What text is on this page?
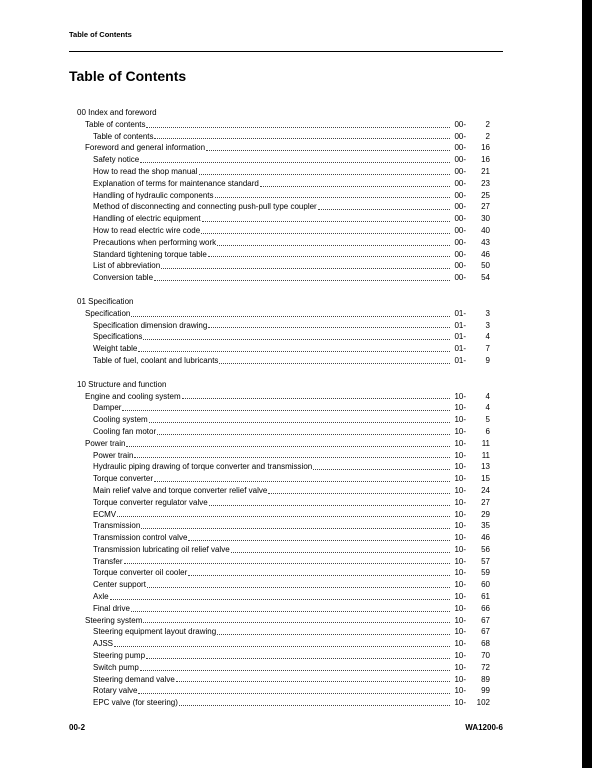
Table of Contents
Table of Contents
00 Index and foreword
Table of contents	00-	2
Table of contents	00-	2
Foreword and general information	00-	16
Safety notice	00-	16
How to read the shop manual	00-	21
Explanation of terms for maintenance standard	00-	23
Handling of hydraulic components	00-	25
Method of disconnecting and connecting push-pull type coupler	00-	27
Handling of electric equipment	00-	30
How to read electric wire code	00-	40
Precautions when performing work	00-	43
Standard tightening torque table	00-	46
List of abbreviation	00-	50
Conversion table	00-	54
01 Specification
Specification	01-	3
Specification dimension drawing	01-	3
Specifications	01-	4
Weight table	01-	7
Table of fuel, coolant and lubricants	01-	9
10 Structure and function
Engine and cooling system	10-	4
Damper	10-	4
Cooling system	10-	5
Cooling fan motor	10-	6
Power train	10-	11
Power train	10-	11
Hydraulic piping drawing of torque converter and transmission	10-	13
Torque converter	10-	15
Main relief valve and torque converter relief valve	10-	24
Torque converter regulator valve	10-	27
ECMV	10-	29
Transmission	10-	35
Transmission control valve	10-	46
Transmission lubricating oil relief valve	10-	56
Transfer	10-	57
Torque converter oil cooler	10-	59
Center support	10-	60
Axle	10-	61
Final drive	10-	66
Steering system	10-	67
Steering equipment layout drawing	10-	67
AJSS	10-	68
Steering pump	10-	70
Switch pump	10-	72
Steering demand valve	10-	89
Rotary valve	10-	99
EPC valve (for steering)	10-	102
00-2	WA1200-6
